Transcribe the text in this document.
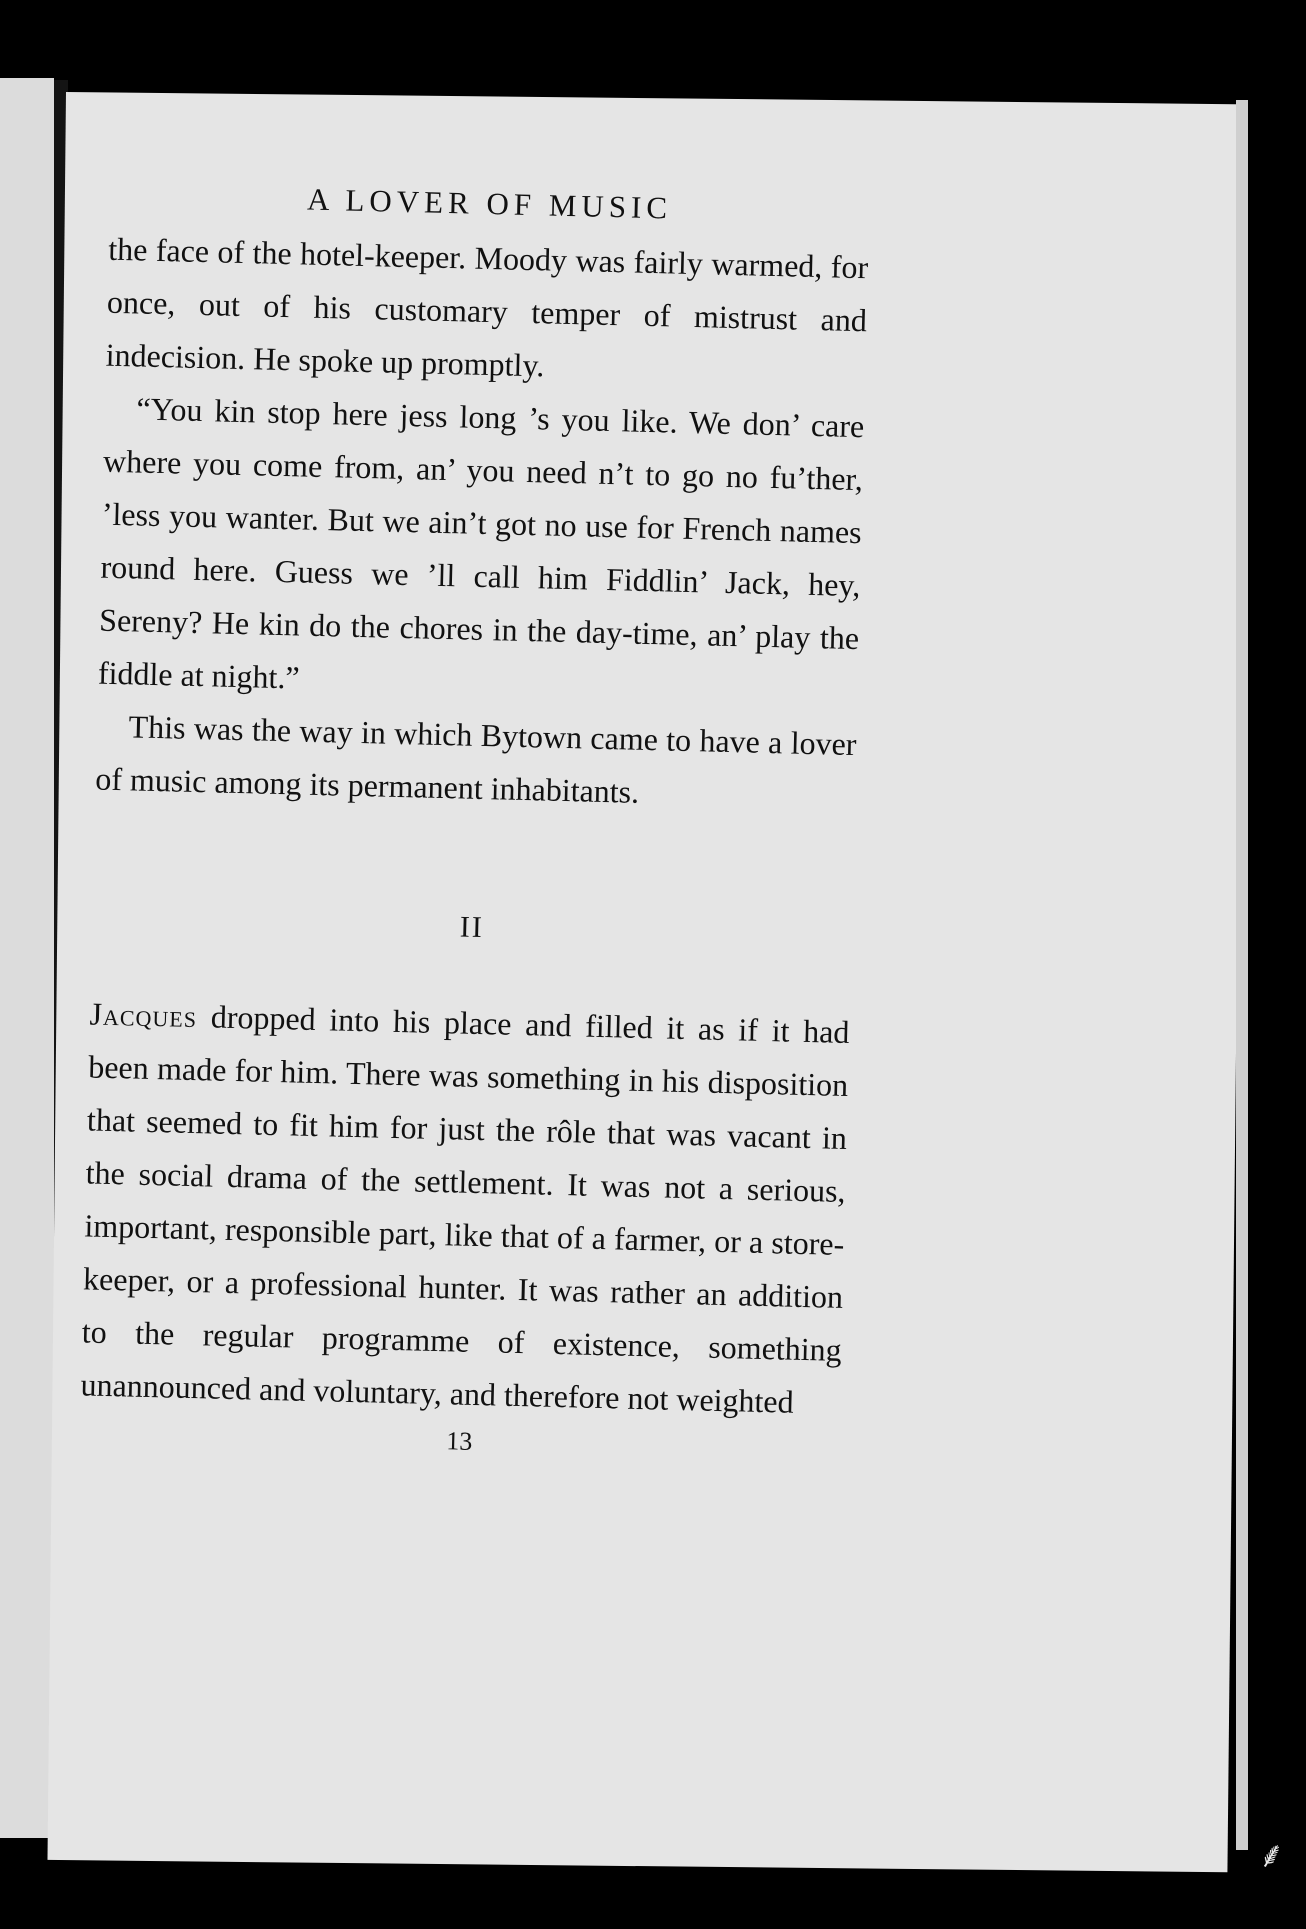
A LOVER OF MUSIC

the face of the hotel-keeper. Moody was fairly warmed, for once, out of his customary temper of mistrust and indecision. He spoke up promptly.

“You kin stop here jess long ’s you like. We don’ care where you come from, an’ you need n’t to go no fu’ther, ’less you wanter. But we ain’t got no use for French names round here. Guess we ’ll call him Fiddlin’ Jack, hey, Sereny? He kin do the chores in the day-time, an’ play the fiddle at night.”

This was the way in which Bytown came to have a lover of music among its permanent inhabitants.

II

Jacques dropped into his place and filled it as if it had been made for him. There was something in his disposition that seemed to fit him for just the rôle that was vacant in the social drama of the settlement. It was not a serious, important, responsible part, like that of a farmer, or a store-keeper, or a professional hunter. It was rather an addition to the regular programme of existence, something unannounced and voluntary, and therefore not weighted

13
⸙
